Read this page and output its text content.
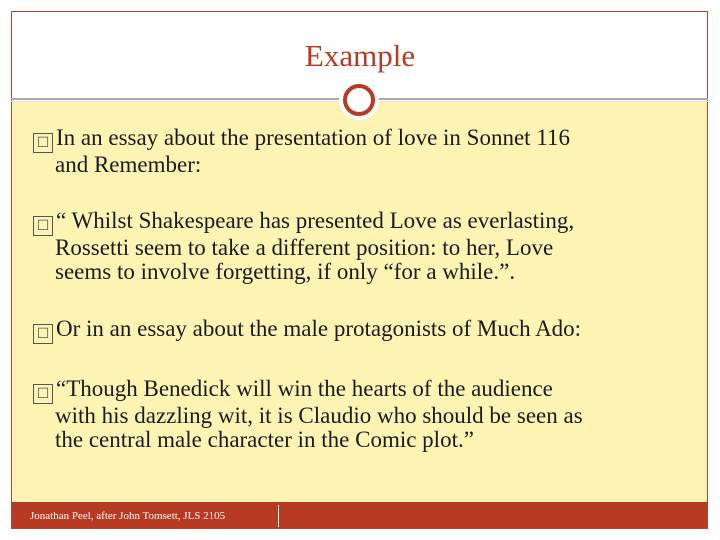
Example
☐ In an essay about the presentation of love in Sonnet 116
and Remember:
☐ “ Whilst Shakespeare has presented Love as everlasting,
Rossetti seem to take a different position: to her, Love
seems to involve forgetting, if only “for a while.”.
☐ Or in an essay about the male protagonists of Much Ado:
☐ “Though Benedick will win the hearts of the audience
with his dazzling wit, it is Claudio who should be seen as
the central male character in the Comic plot.”
Jonathan Peel, after John Tomsett, JLS 2105
